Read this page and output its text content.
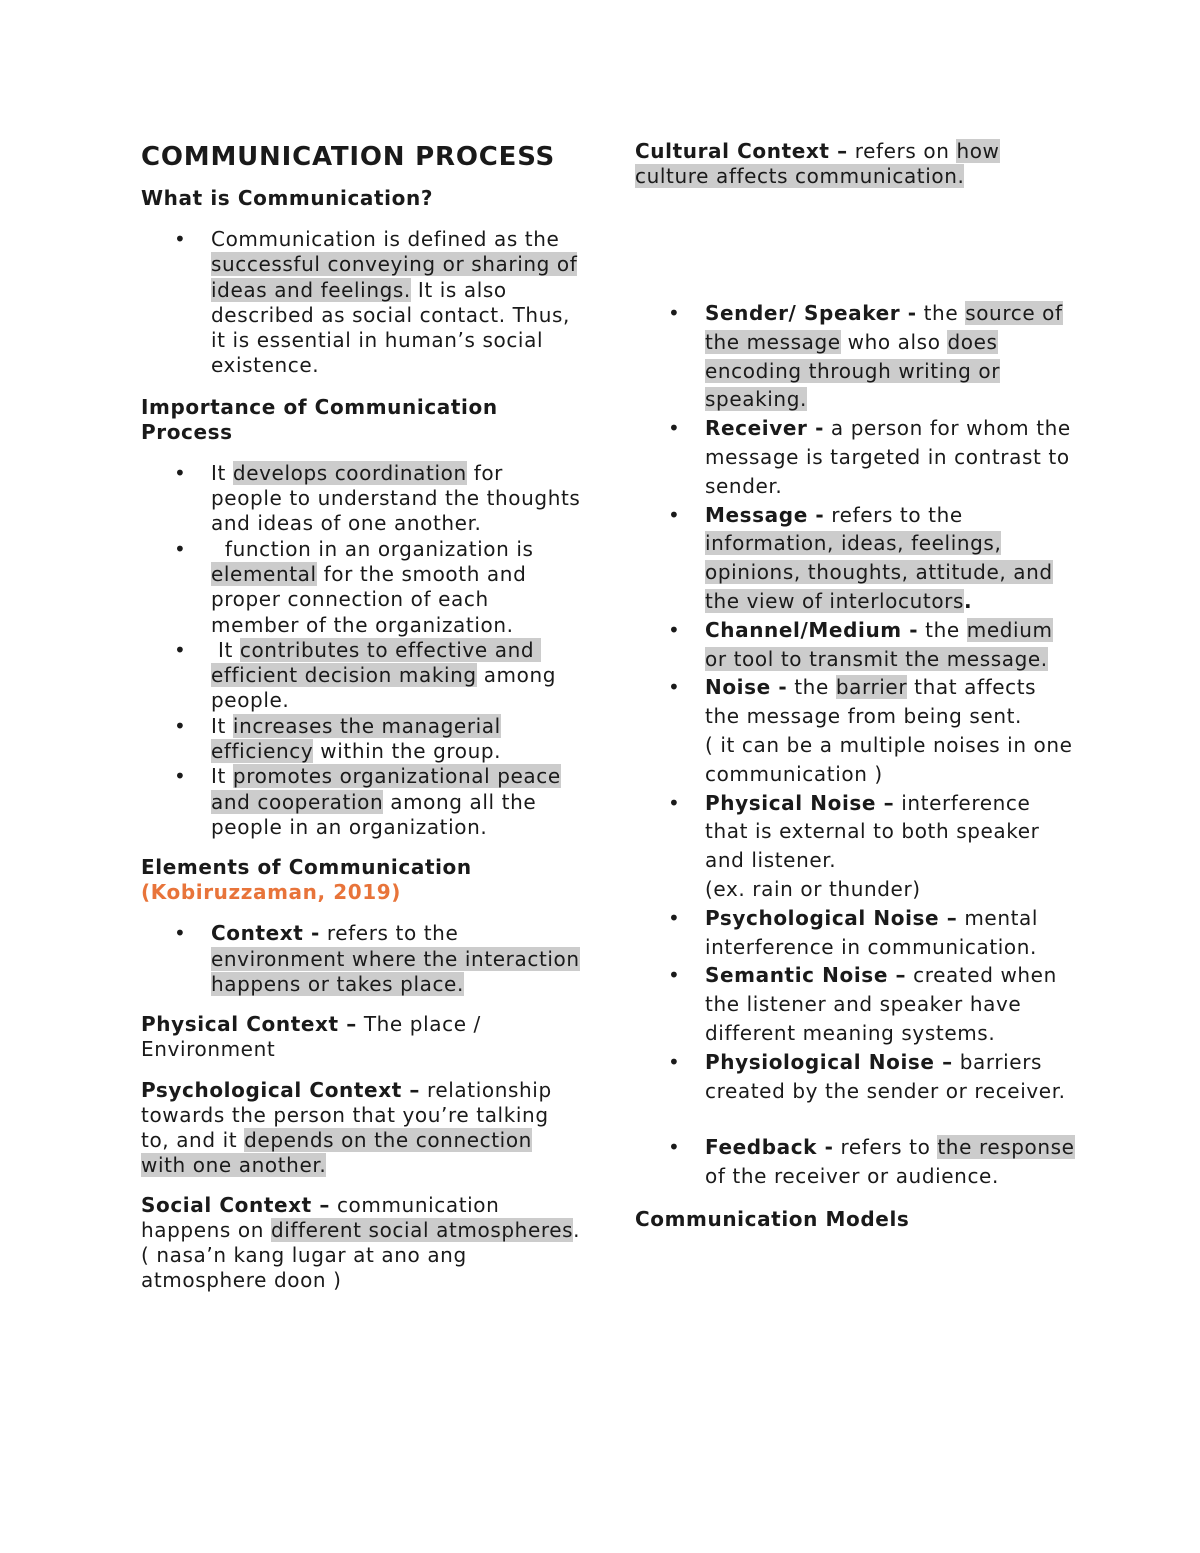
COMMUNICATION PROCESS
What is Communication?
• Communication is defined as the successful conveying or sharing of ideas and feelings. It is also described as social contact. Thus, it is essential in human’s social existence.
Importance of Communication Process
• It develops coordination for people to understand the thoughts and ideas of one another.
•   function in an organization is elemental for the smooth and proper connection of each member of the organization.
•  It contributes to effective and efficient decision making among people.
• It increases the managerial efficiency within the group.
• It promotes organizational peace and cooperation among all the people in an organization.
Elements of Communication
(Kobiruzzaman, 2019)
• Context - refers to the environment where the interaction happens or takes place.

Physical Context – The place / Environment

Psychological Context – relationship towards the person that you’re talking to, and it depends on the connection with one another.

Social Context – communication happens on different social atmospheres. ( nasa’n kang lugar at ano ang atmosphere doon )

Cultural Context – refers on how culture affects communication.

• Sender/ Speaker - the source of the message who also does encoding through writing or speaking.
• Receiver - a person for whom the message is targeted in contrast to sender.
• Message - refers to the information, ideas, feelings, opinions, thoughts, attitude, and the view of interlocutors.
• Channel/Medium - the medium or tool to transmit the message.
• Noise - the barrier that affects the message from being sent.
( it can be a multiple noises in one communication )
• Physical Noise – interference that is external to both speaker and listener.
(ex. rain or thunder)
• Psychological Noise – mental interference in communication.
• Semantic Noise – created when the listener and speaker have different meaning systems.
• Physiological Noise – barriers created by the sender or receiver.
• Feedback - refers to the response of the receiver or audience.
Communication Models
